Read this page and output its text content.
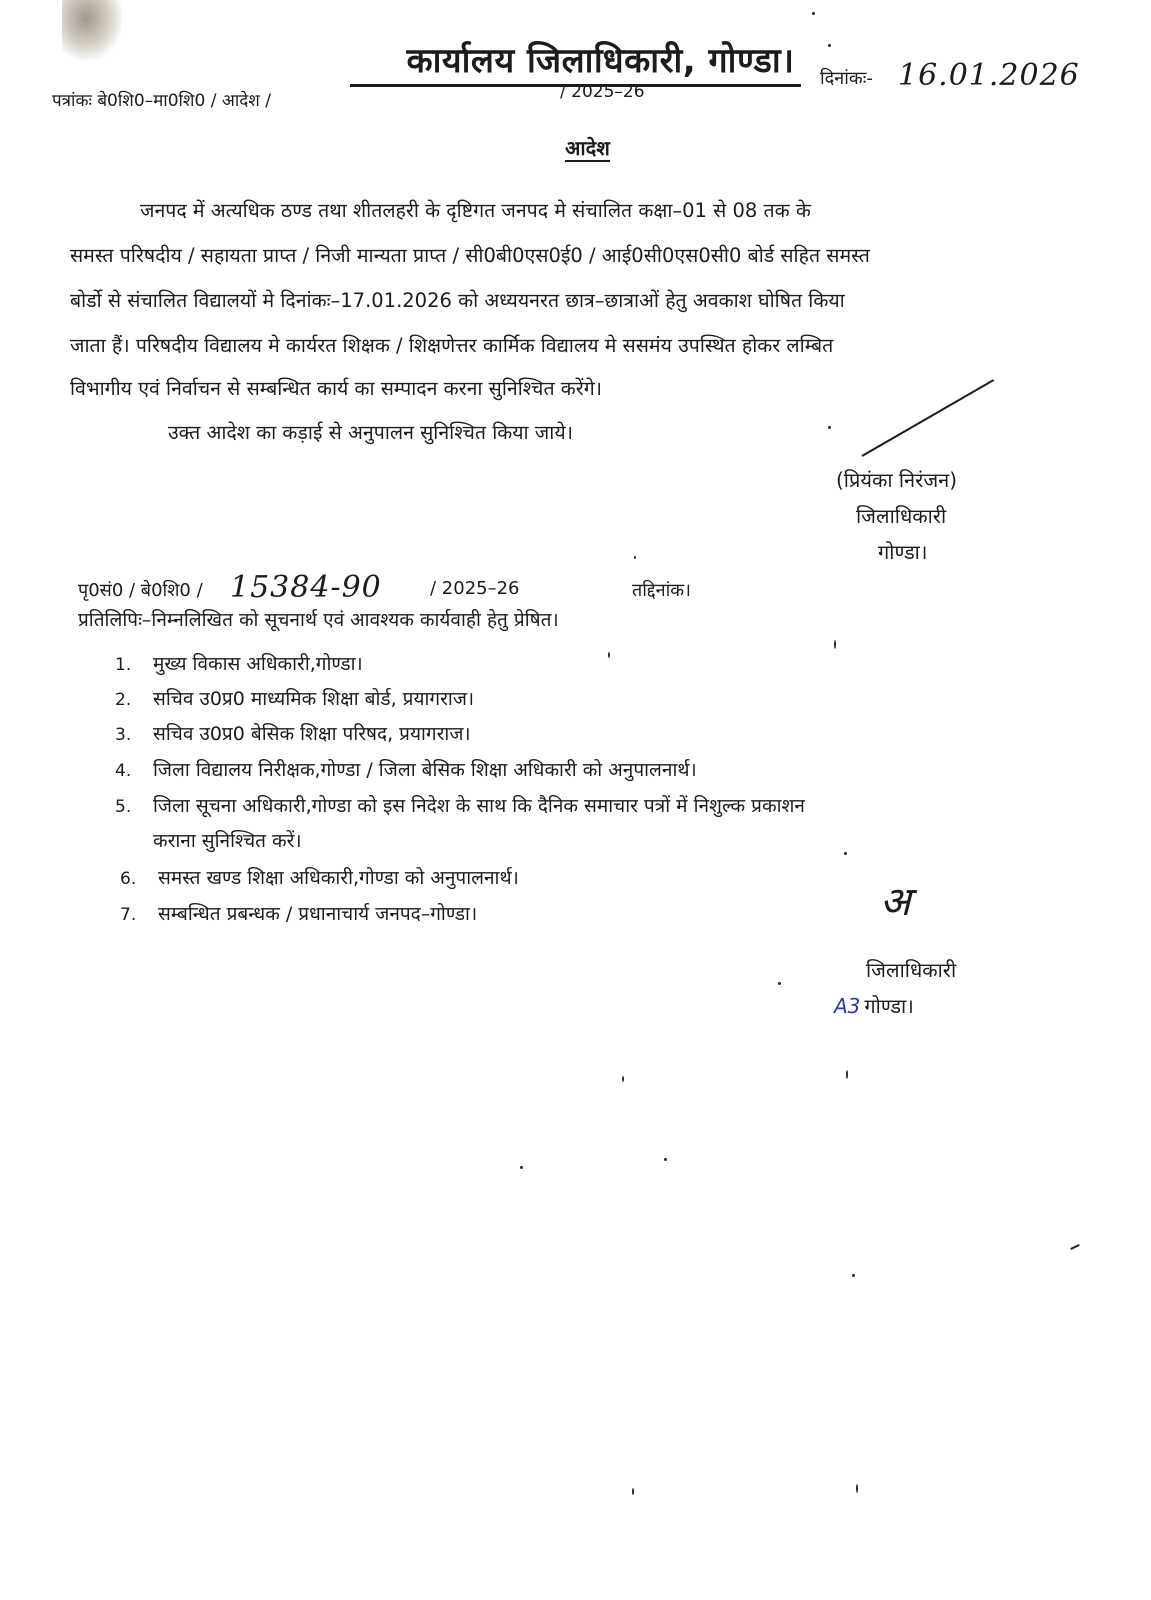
कार्यालय जिलाधिकारी, गोण्डा।
पत्रांकः बे0शि0–मा0शि0 / आदेश /	/ 2025–26
दिनांकः- 16.01.2026
आदेश
जनपद में अत्यधिक ठण्ड तथा शीतलहरी के दृष्टिगत जनपद मे संचालित कक्षा–01 से 08 तक के
समस्त परिषदीय / सहायता प्राप्त / निजी मान्यता प्राप्त / सी0बी0एस0ई0 / आई0सी0एस0सी0 बोर्ड सहित समस्त
बोर्डो से संचालित विद्यालयों मे दिनांकः–17.01.2026 को अध्ययनरत छात्र–छात्राओं हेतु अवकाश घोषित किया
जाता हैं। परिषदीय विद्यालय मे कार्यरत शिक्षक / शिक्षणेत्तर कार्मिक विद्यालय मे ससमंय उपस्थित होकर लम्बित
विभागीय एवं निर्वाचन से सम्बन्धित कार्य का सम्पादन करना सुनिश्चित करेंगे।
उक्त आदेश का कड़ाई से अनुपालन सुनिश्चित किया जाये।
(प्रियंका निरंजन)
जिलाधिकारी
गोण्डा।
पृ0सं0 / बे0शि0 / 15384-90	/ 2025–26	तद्दिनांक।
प्रतिलिपिः–निम्नलिखित को सूचनार्थ एवं आवश्यक कार्यवाही हेतु प्रेषित।
1. मुख्य विकास अधिकारी,गोण्डा।
2. सचिव उ0प्र0 माध्यमिक शिक्षा बोर्ड, प्रयागराज।
3. सचिव उ0प्र0 बेसिक शिक्षा परिषद, प्रयागराज।
4. जिला विद्यालय निरीक्षक,गोण्डा / जिला बेसिक शिक्षा अधिकारी को अनुपालनार्थ।
5. जिला सूचना अधिकारी,गोण्डा को इस निदेश के साथ कि दैनिक समाचार पत्रों में निशुल्क प्रकाशन
कराना सुनिश्चित करें।
6. समस्त खण्ड शिक्षा अधिकारी,गोण्डा को अनुपालनार्थ।
7. सम्बन्धित प्रबन्धक / प्रधानाचार्य जनपद–गोण्डा।	अ
जिलाधिकारी
A3 गोण्डा।
